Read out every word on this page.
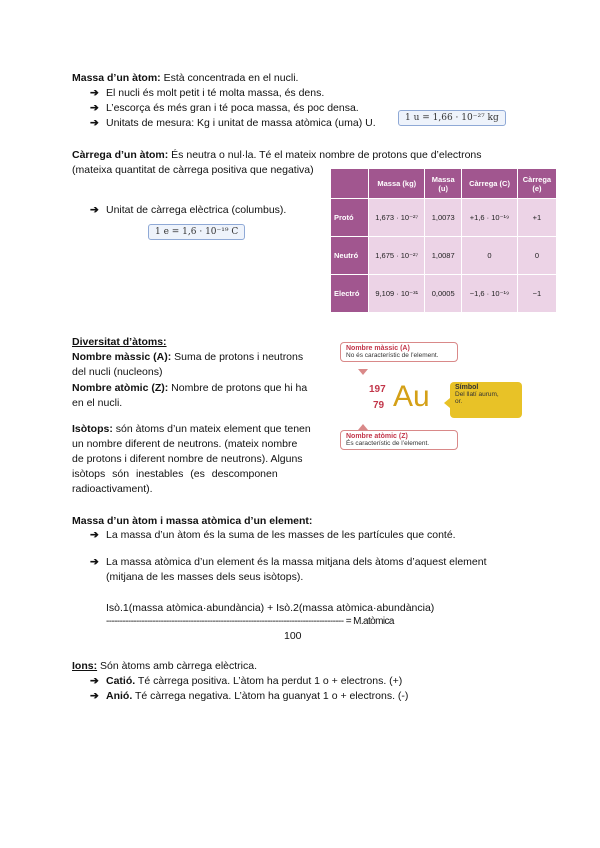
Massa d’un àtom: Està concentrada en el nucli.
➔ El nucli és molt petit i té molta massa, és dens.
➔ L’escorça és més gran i té poca massa, és poc densa.
➔ Unitats de mesura: Kg i unitat de massa atòmica (uma) U.	1 u = 1,66 · 10⁻²⁷ kg
Càrrega d’un àtom: És neutra o nul·la. Té el mateix nombre de protons que d’electrons
(mateixa quantitat de càrrega positiva que negativa)
➔ Unitat de càrrega elèctrica (columbus).
1 e = 1,6 · 10⁻¹⁹ C
	Massa (kg)	Massa (u)	Càrrega (C)	Càrrega (e)
Protó	1,673 · 10⁻²⁷	1,0073	+1,6 · 10⁻¹⁹	+1
Neutró	1,675 · 10⁻²⁷	1,0087	0	0
Electró	9,109 · 10⁻³¹	0,0005	−1,6 · 10⁻¹⁹	−1
Diversitat d’àtoms:
Nombre màssic (A): Suma de protons i neutrons
del nucli (nucleons)
Nombre atòmic (Z): Nombre de protons que hi ha
en el nucli.
Isòtops: són àtoms d’un mateix element que tenen
un nombre diferent de neutrons. (mateix nombre
de protons i diferent nombre de neutrons). Alguns
isòtops són inestables (es descomponen
radioactivament).
Nombre màssic (A)
No és característic de l’element.
197
79 Au	Símbol
Del llatí aurum,
or.
Nombre atòmic (Z)
És característic de l’element.
Massa d’un àtom i massa atòmica d’un element:
➔ La massa d’un àtom és la suma de les masses de les partícules que conté.
➔ La massa atòmica d’un element és la massa mitjana dels àtoms d’aquest element
(mitjana de les masses dels seus isòtops).
Isò.1(massa atòmica·abundància) + Isò.2(massa atòmica·abundància)
--------------------------------------------------------------------------------------- = M.atòmica
100
Ions: Són àtoms amb càrrega elèctrica.
➔ Catió. Té càrrega positiva. L’àtom ha perdut 1 o + electrons. (+)
➔ Anió. Té càrrega negativa. L’àtom ha guanyat 1 o + electrons. (-)
